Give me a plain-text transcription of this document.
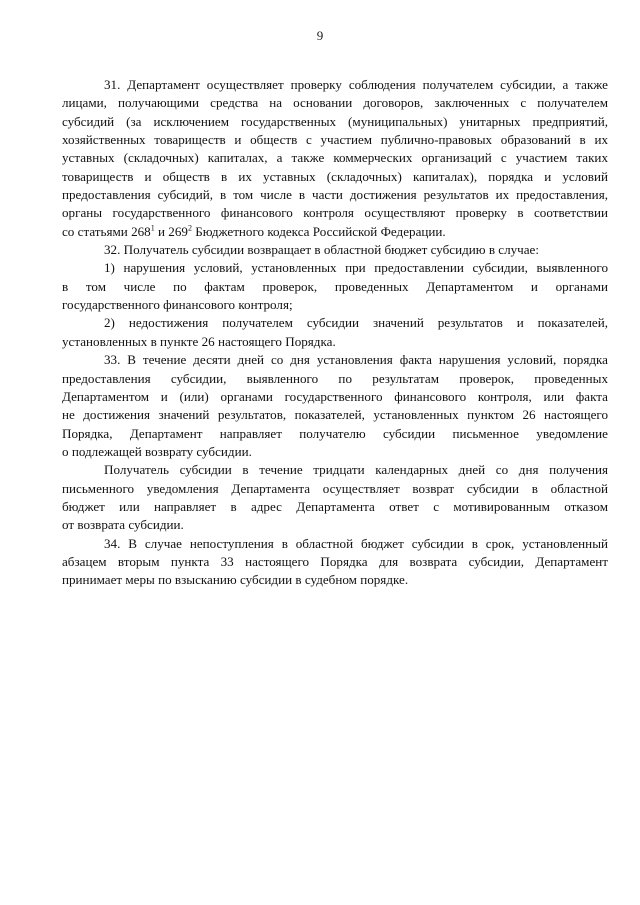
9
31. Департамент осуществляет проверку соблюдения получателем субсидии, а также
лицами, получающими средства на основании договоров, заключенных с получателем
субсидий (за исключением государственных (муниципальных) унитарных предприятий,
хозяйственных товариществ и обществ с участием публично-правовых образований в их
уставных (складочных) капиталах, а также коммерческих организаций с участием таких
товариществ и обществ в их уставных (складочных) капиталах), порядка и условий
предоставления субсидий, в том числе в части достижения результатов их предоставления,
органы государственного финансового контроля осуществляют проверку в соответствии
со статьями $268^1$ и $269^2$ Бюджетного кодекса Российской Федерации.
32. Получатель субсидии возвращает в областной бюджет субсидию в случае:
1) нарушения условий, установленных при предоставлении субсидии, выявленного
в том числе по фактам проверок, проведенных Департаментом и органами
государственного финансового контроля;
2) недостижения получателем субсидии значений результатов и показателей,
установленных в пункте 26 настоящего Порядка.
33. В течение десяти дней со дня установления факта нарушения условий, порядка
предоставления субсидии, выявленного по результатам проверок, проведенных
Департаментом и (или) органами государственного финансового контроля, или факта
не достижения значений результатов, показателей, установленных пунктом 26 настоящего
Порядка, Департамент направляет получателю субсидии письменное уведомление
о подлежащей возврату субсидии.
Получатель субсидии в течение тридцати календарных дней со дня получения
письменного уведомления Департамента осуществляет возврат субсидии в областной
бюджет или направляет в адрес Департамента ответ с мотивированным отказом
от возврата субсидии.
34. В случае непоступления в областной бюджет субсидии в срок, установленный
абзацем вторым пункта 33 настоящего Порядка для возврата субсидии, Департамент
принимает меры по взысканию субсидии в судебном порядке.
